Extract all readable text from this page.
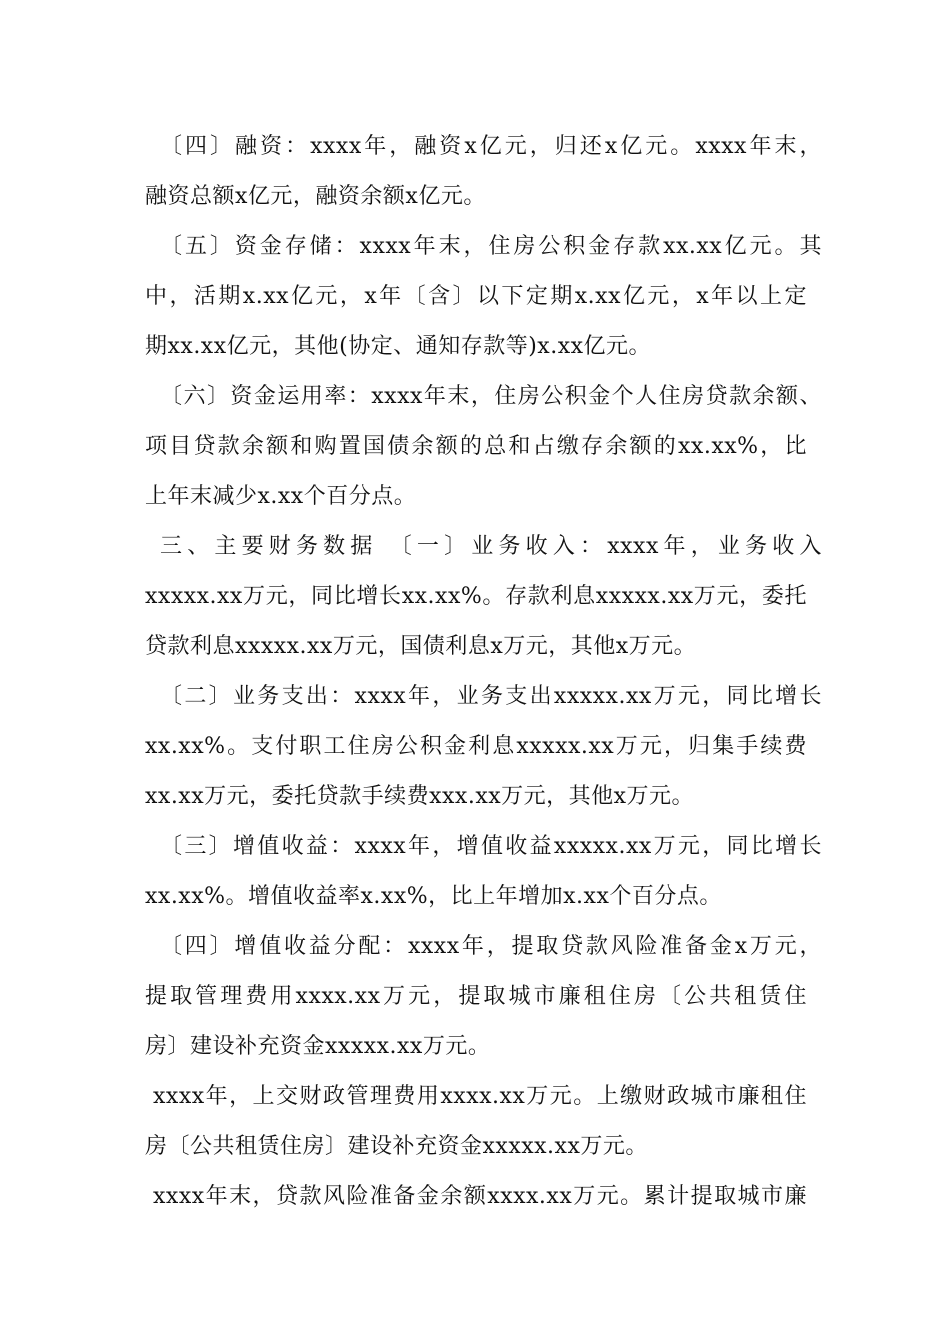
〔四〕融资：xxxx年，融资x亿元，归还x亿元。xxxx年末，
融资总额x亿元，融资余额x亿元。
〔五〕资金存储：xxxx年末，住房公积金存款xx.xx亿元。其
中，活期x.xx亿元，x年〔含〕以下定期x.xx亿元，x年以上定
期xx.xx亿元，其他(协定、通知存款等)x.xx亿元。
〔六〕资金运用率：xxxx年末，住房公积金个人住房贷款余额、
项目贷款余额和购置国债余额的总和占缴存余额的xx.xx%，比
上年末减少x.xx个百分点。
三、主要财务数据 〔一〕业务收入：xxxx年，业务收入
xxxxx.xx万元，同比增长xx.xx%。存款利息xxxxx.xx万元，委托
贷款利息xxxxx.xx万元，国债利息x万元，其他x万元。
〔二〕业务支出：xxxx年，业务支出xxxxx.xx万元，同比增长
xx.xx%。支付职工住房公积金利息xxxxx.xx万元，归集手续费
xx.xx万元，委托贷款手续费xxx.xx万元，其他x万元。
〔三〕增值收益：xxxx年，增值收益xxxxx.xx万元，同比增长
xx.xx%。增值收益率x.xx%，比上年增加x.xx个百分点。
〔四〕增值收益分配：xxxx年，提取贷款风险准备金x万元，
提取管理费用xxxx.xx万元，提取城市廉租住房〔公共租赁住
房〕建设补充资金xxxxx.xx万元。
xxxx年，上交财政管理费用xxxx.xx万元。上缴财政城市廉租住
房〔公共租赁住房〕建设补充资金xxxxx.xx万元。
xxxx年末，贷款风险准备金余额xxxx.xx万元。累计提取城市廉
